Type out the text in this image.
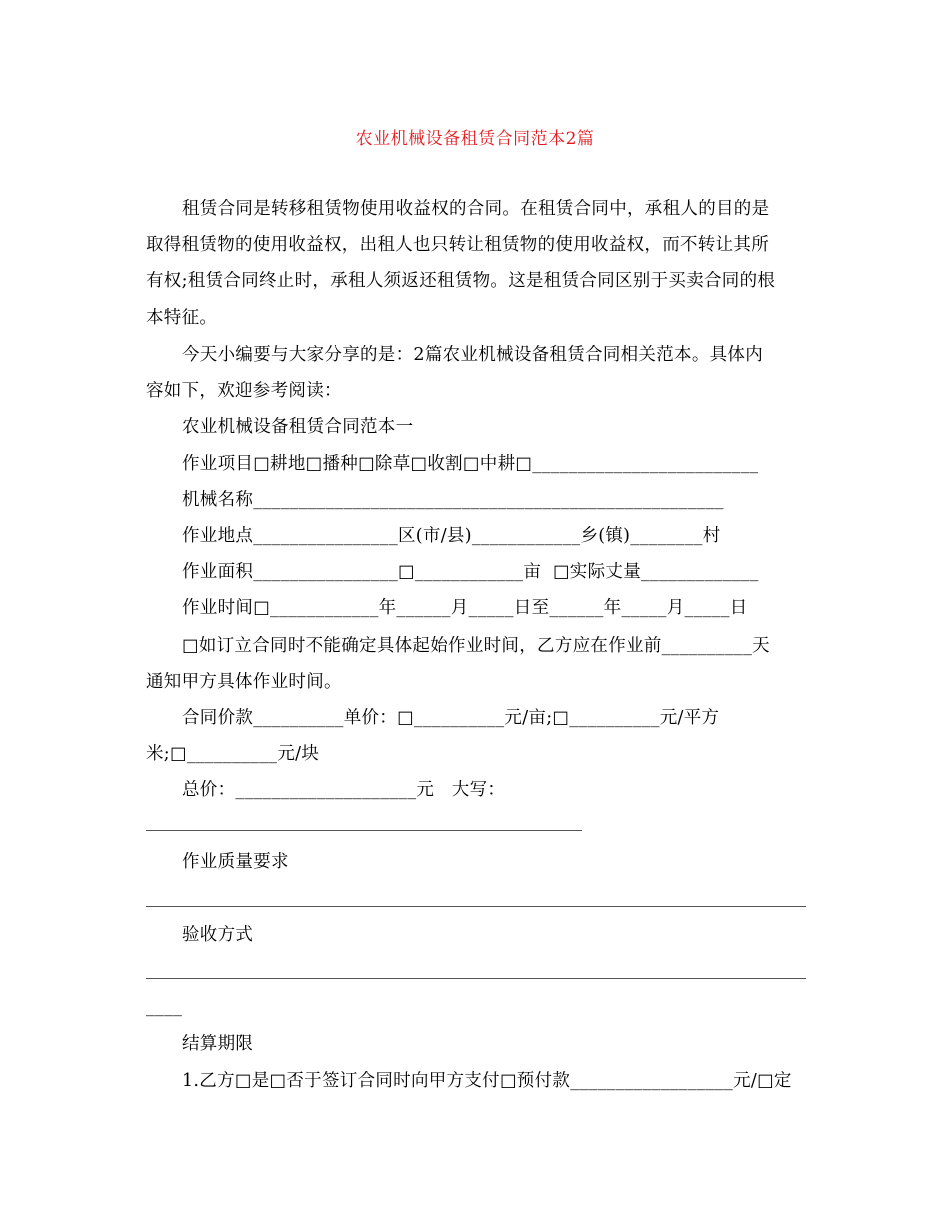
农业机械设备租赁合同范本2篇
租赁合同是转移租赁物使用收益权的合同。在租赁合同中，承租人的目的是
取得租赁物的使用收益权，出租人也只转让租赁物的使用收益权，而不转让其所
有权;租赁合同终止时，承租人须返还租赁物。这是租赁合同区别于买卖合同的根
本特征。
今天小编要与大家分享的是：2篇农业机械设备租赁合同相关范本。具体内
容如下，欢迎参考阅读：
农业机械设备租赁合同范本一
作业项目□耕地□播种□除草□收割□中耕□_________________________
机械名称____________________________________________________
作业地点________________区(市/县)____________乡(镇)________村
作业面积________________□____________亩  □实际丈量_____________
作业时间□____________年______月_____日至______年_____月_____日
□如订立合同时不能确定具体起始作业时间，乙方应在作业前__________天
通知甲方具体作业时间。
合同价款__________单价：□__________元/亩;□__________元/平方
米;□__________元/块
总价：____________________元   大写：
作业质量要求
验收方式
____
结算期限
1.乙方□是□否于签订合同时向甲方支付□预付款__________________元/□定
